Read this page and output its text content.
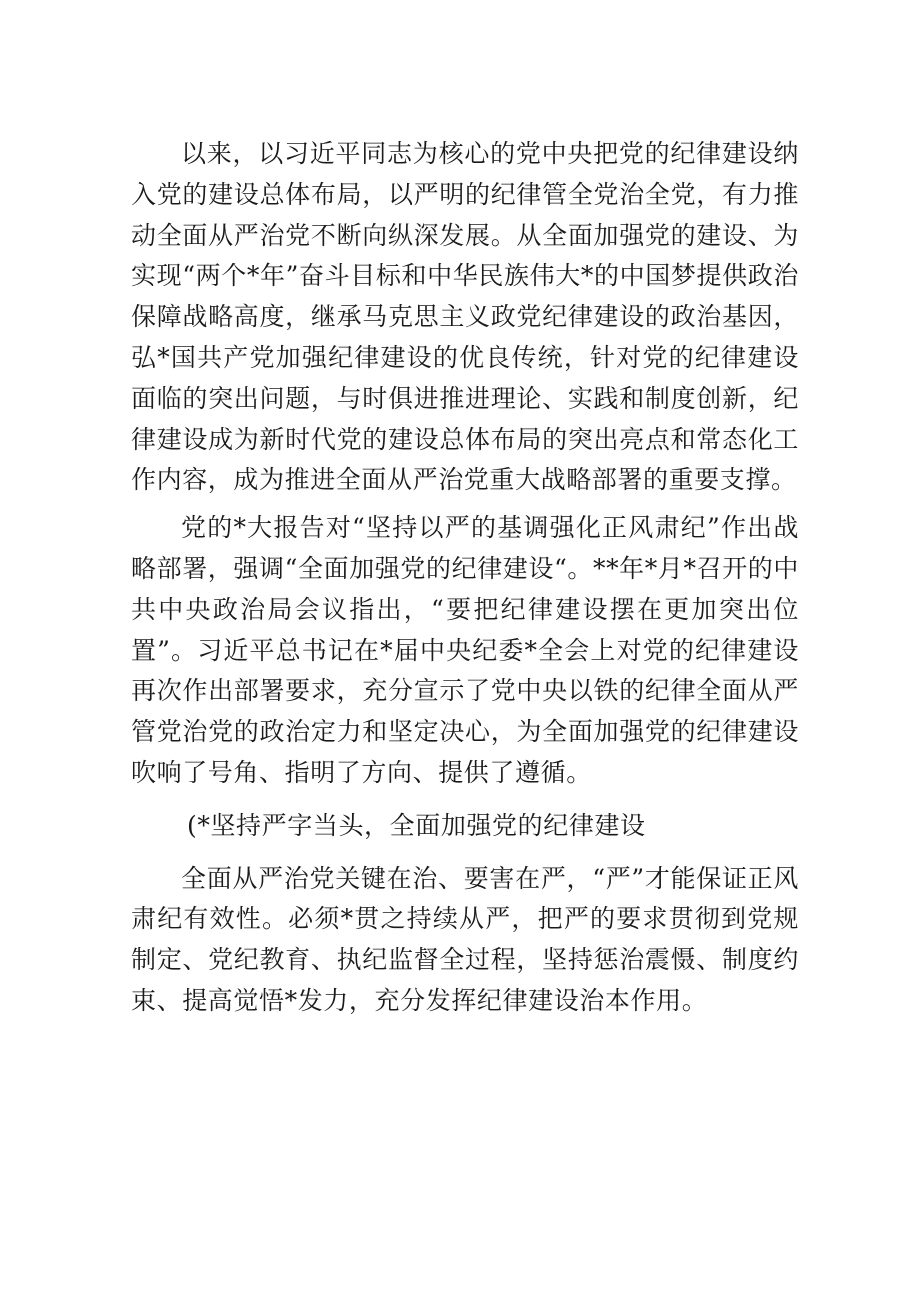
以来，以习近平同志为核心的党中央把党的纪律建设纳入党的建设总体布局，以严明的纪律管全党治全党，有力推动全面从严治党不断向纵深发展。从全面加强党的建设、为实现“两个*年”奋斗目标和中华民族伟大*的中国梦提供政治保障战略高度，继承马克思主义政党纪律建设的政治基因，弘*国共产党加强纪律建设的优良传统，针对党的纪律建设面临的突出问题，与时俱进推进理论、实践和制度创新，纪律建设成为新时代党的建设总体布局的突出亮点和常态化工作内容，成为推进全面从严治党重大战略部署的重要支撑。

党的*大报告对“坚持以严的基调强化正风肃纪”作出战略部署，强调“全面加强党的纪律建设“。**年*月*召开的中共中央政治局会议指出，“要把纪律建设摆在更加突出位置”。习近平总书记在*届中央纪委*全会上对党的纪律建设再次作出部署要求，充分宣示了党中央以铁的纪律全面从严管党治党的政治定力和坚定决心，为全面加强党的纪律建设吹响了号角、指明了方向、提供了遵循。

(*坚持严字当头，全面加强党的纪律建设

全面从严治党关键在治、要害在严，“严”才能保证正风肃纪有效性。必须*贯之持续从严，把严的要求贯彻到党规制定、党纪教育、执纪监督全过程，坚持惩治震慑、制度约束、提高觉悟*发力，充分发挥纪律建设治本作用。
